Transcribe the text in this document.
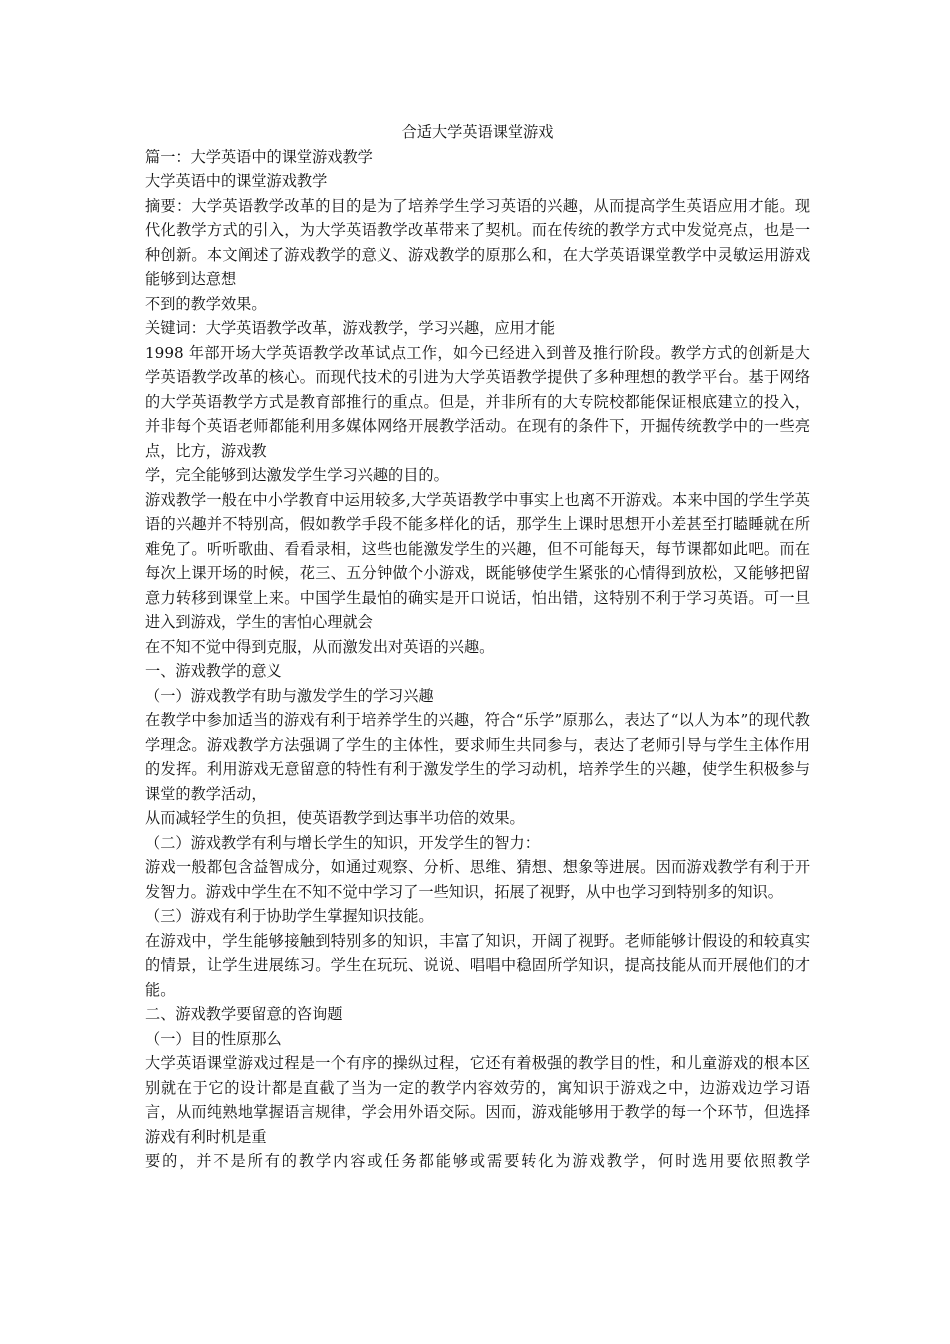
合适大学英语课堂游戏

篇一：大学英语中的课堂游戏教学

大学英语中的课堂游戏教学

摘要：大学英语教学改革的目的是为了培养学生学习英语的兴趣，从而提高学生英语应用才能。现代化教学方式的引入，为大学英语教学改革带来了契机。而在传统的教学方式中发觉亮点，也是一种创新。本文阐述了游戏教学的意义、游戏教学的原那么和，在大学英语课堂教学中灵敏运用游戏能够到达意想

不到的教学效果。

关键词：大学英语教学改革，游戏教学，学习兴趣，应用才能

1998 年部开场大学英语教学改革试点工作，如今已经进入到普及推行阶段。教学方式的创新是大学英语教学改革的核心。而现代技术的引进为大学英语教学提供了多种理想的教学平台。基于网络的大学英语教学方式是教育部推行的重点。但是，并非所有的大专院校都能保证根底建立的投入，并非每个英语老师都能利用多媒体网络开展教学活动。在现有的条件下，开掘传统教学中的一些亮点，比方，游戏教

学，完全能够到达激发学生学习兴趣的目的。

游戏教学一般在中小学教育中运用较多,大学英语教学中事实上也离不开游戏。本来中国的学生学英语的兴趣并不特别高，假如教学手段不能多样化的话，那学生上课时思想开小差甚至打瞌睡就在所难免了。听听歌曲、看看录相，这些也能激发学生的兴趣，但不可能每天，每节课都如此吧。而在每次上课开场的时候，花三、五分钟做个小游戏，既能够使学生紧张的心情得到放松，又能够把留意力转移到课堂上来。中国学生最怕的确实是开口说话，怕出错，这特别不利于学习英语。可一旦进入到游戏，学生的害怕心理就会

在不知不觉中得到克服，从而激发出对英语的兴趣。

一、游戏教学的意义

（一）游戏教学有助与激发学生的学习兴趣

在教学中参加适当的游戏有利于培养学生的兴趣，符合“乐学”原那么，表达了“以人为本”的现代教学理念。游戏教学方法强调了学生的主体性，要求师生共同参与，表达了老师引导与学生主体作用的发挥。利用游戏无意留意的特性有利于激发学生的学习动机，培养学生的兴趣，使学生积极参与课堂的教学活动，

从而减轻学生的负担，使英语教学到达事半功倍的效果。

（二）游戏教学有利与增长学生的知识，开发学生的智力：

游戏一般都包含益智成分，如通过观察、分析、思维、猜想、想象等进展。因而游戏教学有利于开发智力。游戏中学生在不知不觉中学习了一些知识，拓展了视野，从中也学习到特别多的知识。

（三）游戏有利于协助学生掌握知识技能。

在游戏中，学生能够接触到特别多的知识，丰富了知识，开阔了视野。老师能够计假设的和较真实的情景，让学生进展练习。学生在玩玩、说说、唱唱中稳固所学知识，提高技能从而开展他们的才能。

二、游戏教学要留意的咨询题

（一）目的性原那么

大学英语课堂游戏过程是一个有序的操纵过程，它还有着极强的教学目的性，和儿童游戏的根本区别就在于它的设计都是直截了当为一定的教学内容效劳的，寓知识于游戏之中，边游戏边学习语言，从而纯熟地掌握语言规律，学会用外语交际。因而，游戏能够用于教学的每一个环节，但选择游戏有利时机是重

要的，并不是所有的教学内容或任务都能够或需要转化为游戏教学，何时选用要依照教学
